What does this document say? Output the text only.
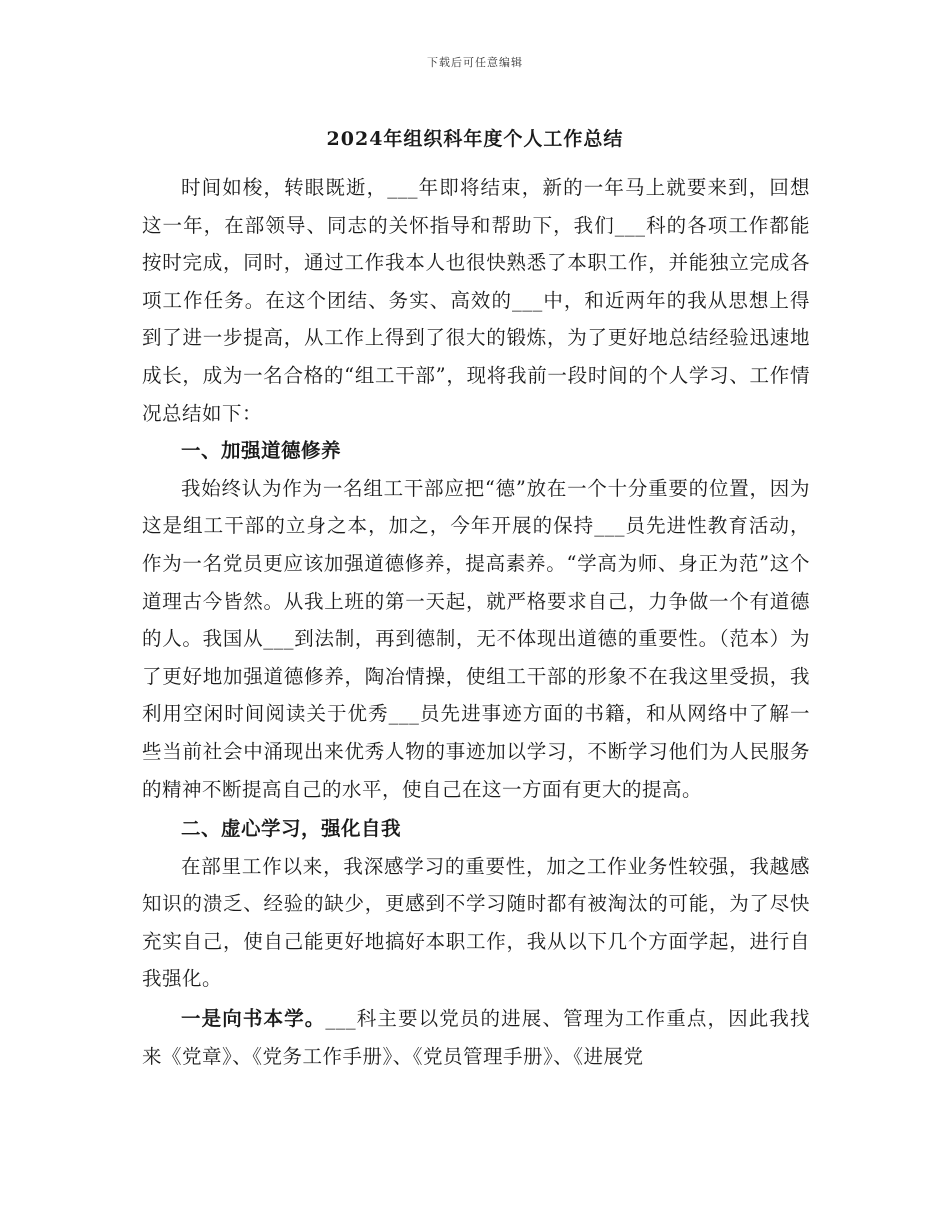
下载后可任意编辑
2024年组织科年度个人工作总结

时间如梭，转眼既逝，___年即将结束，新的一年马上就要来到，回想这一年，在部领导、同志的关怀指导和帮助下，我们___科的各项工作都能按时完成，同时，通过工作我本人也很快熟悉了本职工作，并能独立完成各项工作任务。在这个团结、务实、高效的___中，和近两年的我从思想上得到了进一步提高，从工作上得到了很大的锻炼，为了更好地总结经验迅速地成长，成为一名合格的“组工干部”，现将我前一段时间的个人学习、工作情况总结如下：

一、加强道德修养

我始终认为作为一名组工干部应把“德”放在一个十分重要的位置，因为这是组工干部的立身之本，加之，今年开展的保持___员先进性教育活动，作为一名党员更应该加强道德修养，提高素养。“学高为师、身正为范”这个道理古今皆然。从我上班的第一天起，就严格要求自己，力争做一个有道德的人。我国从___到法制，再到德制，无不体现出道德的重要性。（范本）为了更好地加强道德修养，陶冶情操，使组工干部的形象不在我这里受损，我利用空闲时间阅读关于优秀___员先进事迹方面的书籍，和从网络中了解一些当前社会中涌现出来优秀人物的事迹加以学习，不断学习他们为人民服务的精神不断提高自己的水平，使自己在这一方面有更大的提高。

二、虚心学习，强化自我

在部里工作以来，我深感学习的重要性，加之工作业务性较强，我越感知识的溃乏、经验的缺少，更感到不学习随时都有被淘汰的可能，为了尽快充实自己，使自己能更好地搞好本职工作，我从以下几个方面学起，进行自我强化。

一是向书本学。___科主要以党员的进展、管理为工作重点，因此我找来《党章》、《党务工作手册》、《党员管理手册》、《进展党
